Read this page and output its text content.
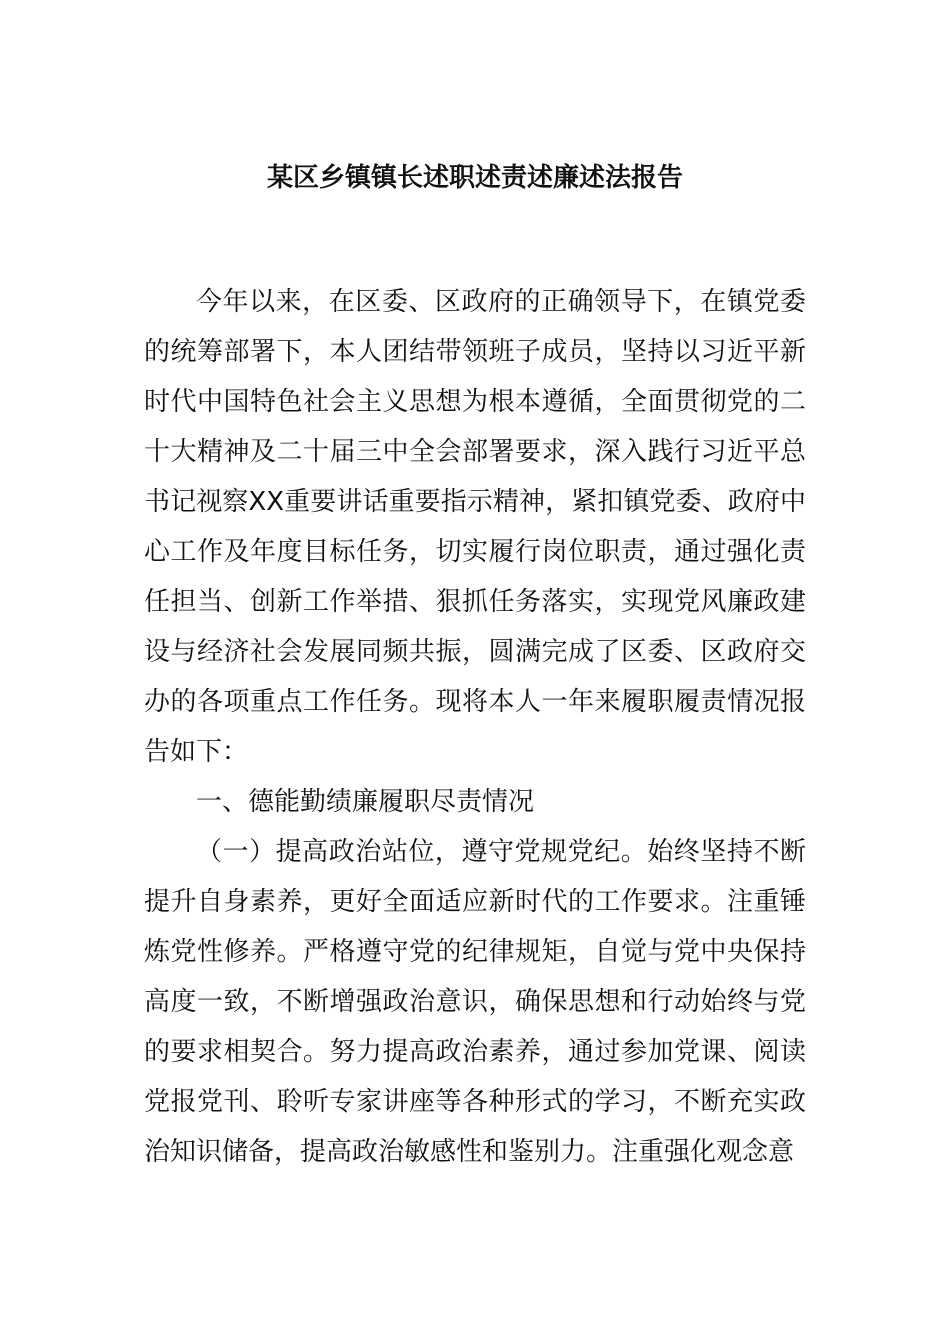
某区乡镇镇长述职述责述廉述法报告

今年以来，在区委、区政府的正确领导下，在镇党委的统筹部署下，本人团结带领班子成员，坚持以习近平新时代中国特色社会主义思想为根本遵循，全面贯彻党的二十大精神及二十届三中全会部署要求，深入践行习近平总书记视察XX重要讲话重要指示精神，紧扣镇党委、政府中心工作及年度目标任务，切实履行岗位职责，通过强化责任担当、创新工作举措、狠抓任务落实，实现党风廉政建设与经济社会发展同频共振，圆满完成了区委、区政府交办的各项重点工作任务。现将本人一年来履职履责情况报告如下：

一、德能勤绩廉履职尽责情况

（一）提高政治站位，遵守党规党纪。始终坚持不断提升自身素养，更好全面适应新时代的工作要求。注重锤炼党性修养。严格遵守党的纪律规矩，自觉与党中央保持高度一致，不断增强政治意识，确保思想和行动始终与党的要求相契合。努力提高政治素养，通过参加党课、阅读党报党刊、聆听专家讲座等各种形式的学习，不断充实政治知识储备，提高政治敏感性和鉴别力。注重强化观念意
